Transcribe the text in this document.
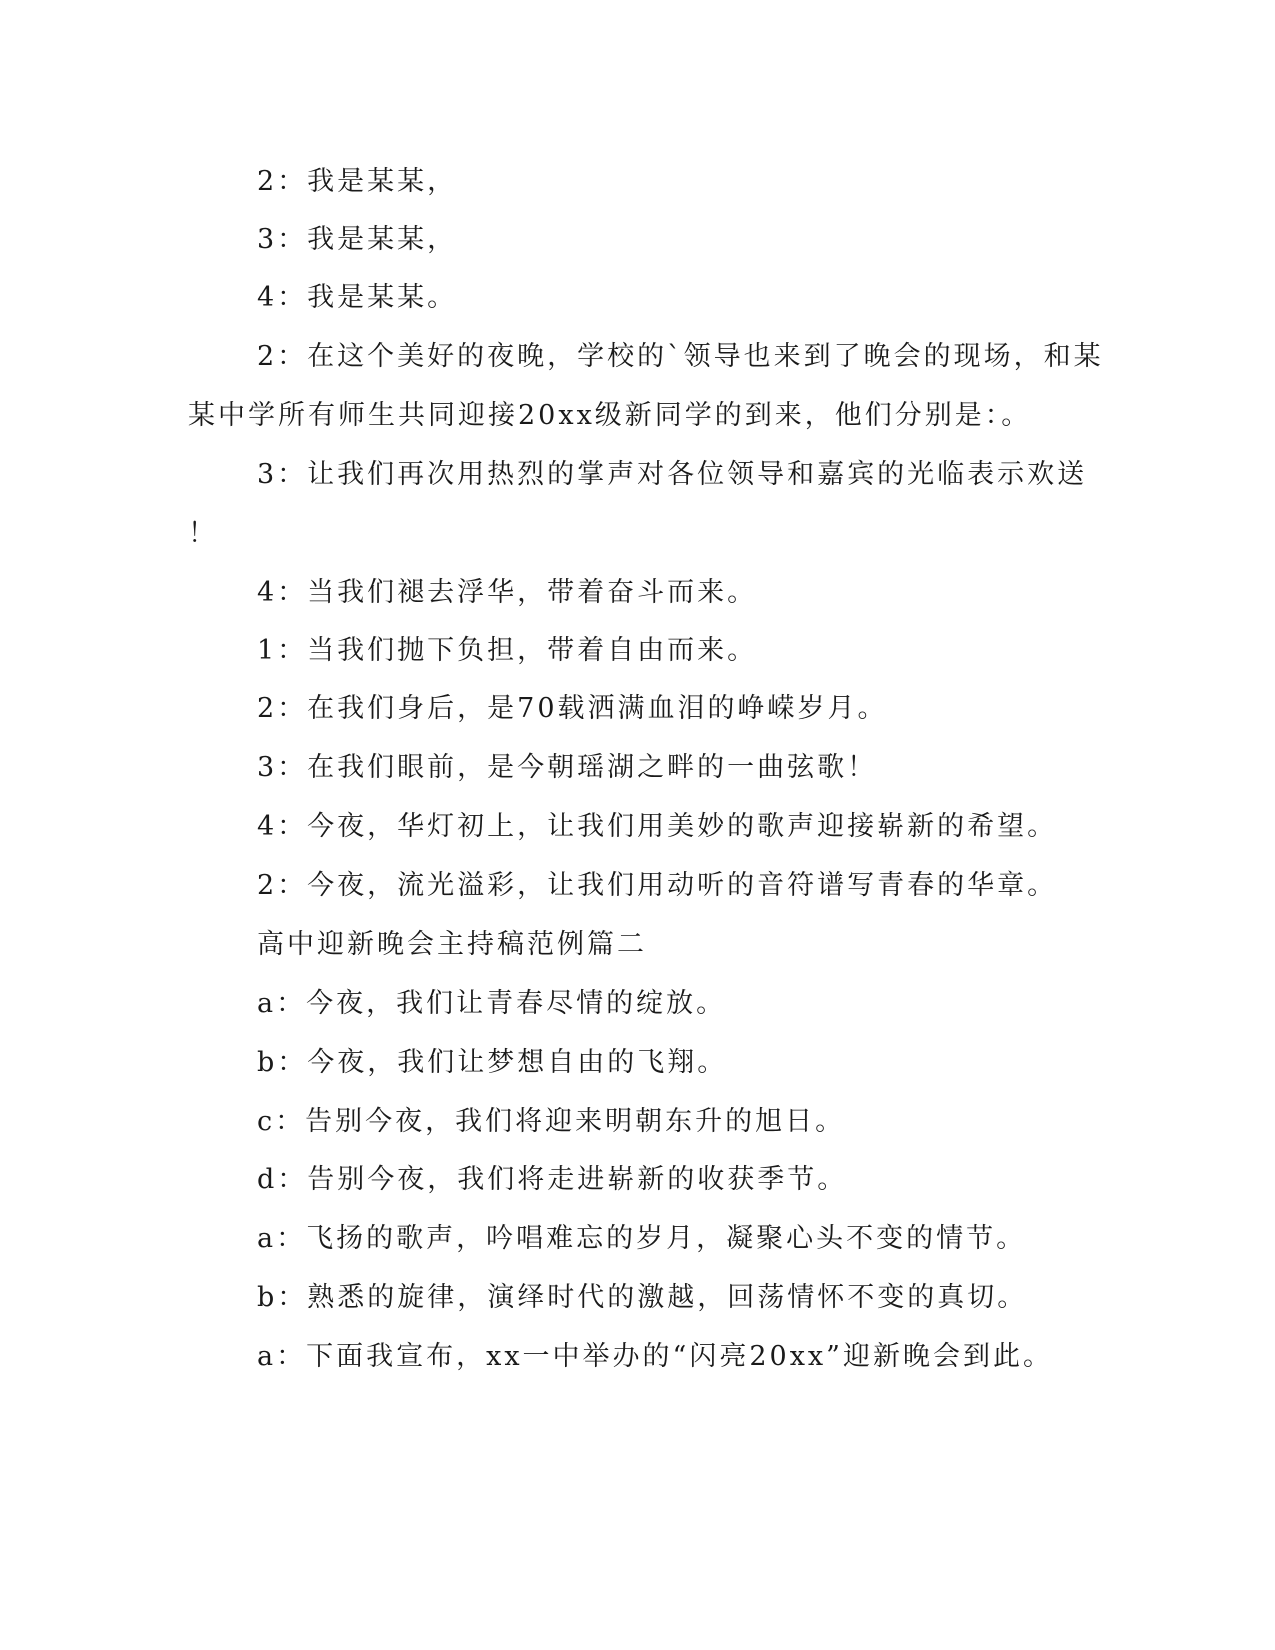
2：我是某某，

3：我是某某，

4：我是某某。

2：在这个美好的夜晚，学校的`领导也来到了晚会的现场，和某

某中学所有师生共同迎接20xx级新同学的到来，他们分别是：。

3：让我们再次用热烈的掌声对各位领导和嘉宾的光临表示欢送

！

4：当我们褪去浮华，带着奋斗而来。

1：当我们抛下负担，带着自由而来。

2：在我们身后，是70载洒满血泪的峥嵘岁月。

3：在我们眼前，是今朝瑶湖之畔的一曲弦歌！

4：今夜，华灯初上，让我们用美妙的歌声迎接崭新的希望。

2：今夜，流光溢彩，让我们用动听的音符谱写青春的华章。

高中迎新晚会主持稿范例篇二

a：今夜，我们让青春尽情的绽放。

b：今夜，我们让梦想自由的飞翔。

c：告别今夜，我们将迎来明朝东升的旭日。

d：告别今夜，我们将走进崭新的收获季节。

a：飞扬的歌声，吟唱难忘的岁月，凝聚心头不变的情节。

b：熟悉的旋律，演绎时代的激越，回荡情怀不变的真切。

a：下面我宣布，xx一中举办的“闪亮20xx”迎新晚会到此。
